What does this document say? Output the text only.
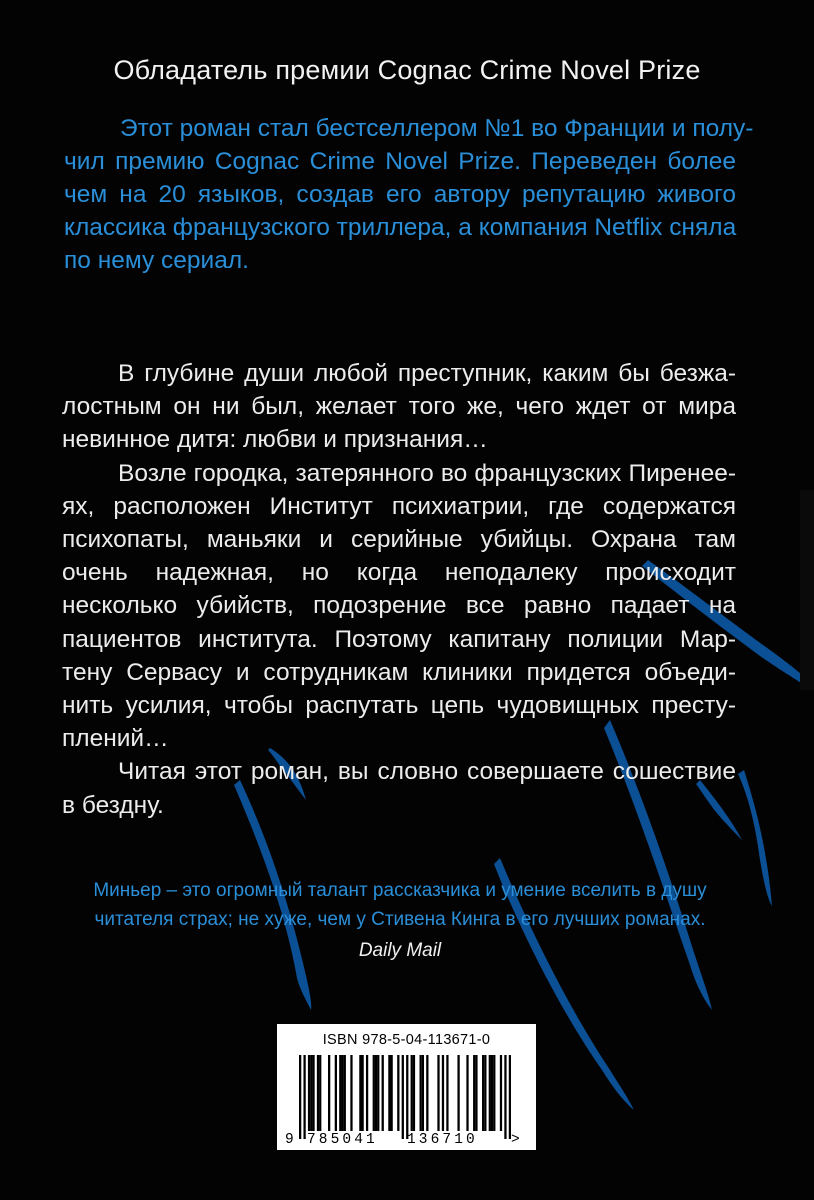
Обладатель премии Cognac Crime Novel Prize
Этот роман стал бестселлером №1 во Франции и полу-
чил премию Cognac Crime Novel Prize. Переведен более
чем на 20 языков, создав его автору репутацию живого
классика французского триллера, а компания Netflix сняла
по нему сериал.
В глубине души любой преступник, каким бы безжа-
лостным он ни был, желает того же, чего ждет от мира
невинное дитя: любви и признания…
Возле городка, затерянного во французских Пиренеe-
ях, расположен Институт психиатрии, где содержатся
психопаты, маньяки и серийные убийцы. Охрана там
очень надежная, но когда неподалеку происходит
несколько убийств, подозрение все равно падает на
пациентов института. Поэтому капитану полиции Мар-
тену Сервасу и сотрудникам клиники придется объеди-
нить усилия, чтобы распутать цепь чудовищных престу-
плений…
Читая этот роман, вы словно совершаете сошествие
в бездну.
Миньер – это огромный талант рассказчика и умение вселить в душу
читателя страх; не хуже, чем у Стивена Кинга в его лучших романах.
Daily Mail
ISBN 978-5-04-113671-0
9 785041 136710 >
